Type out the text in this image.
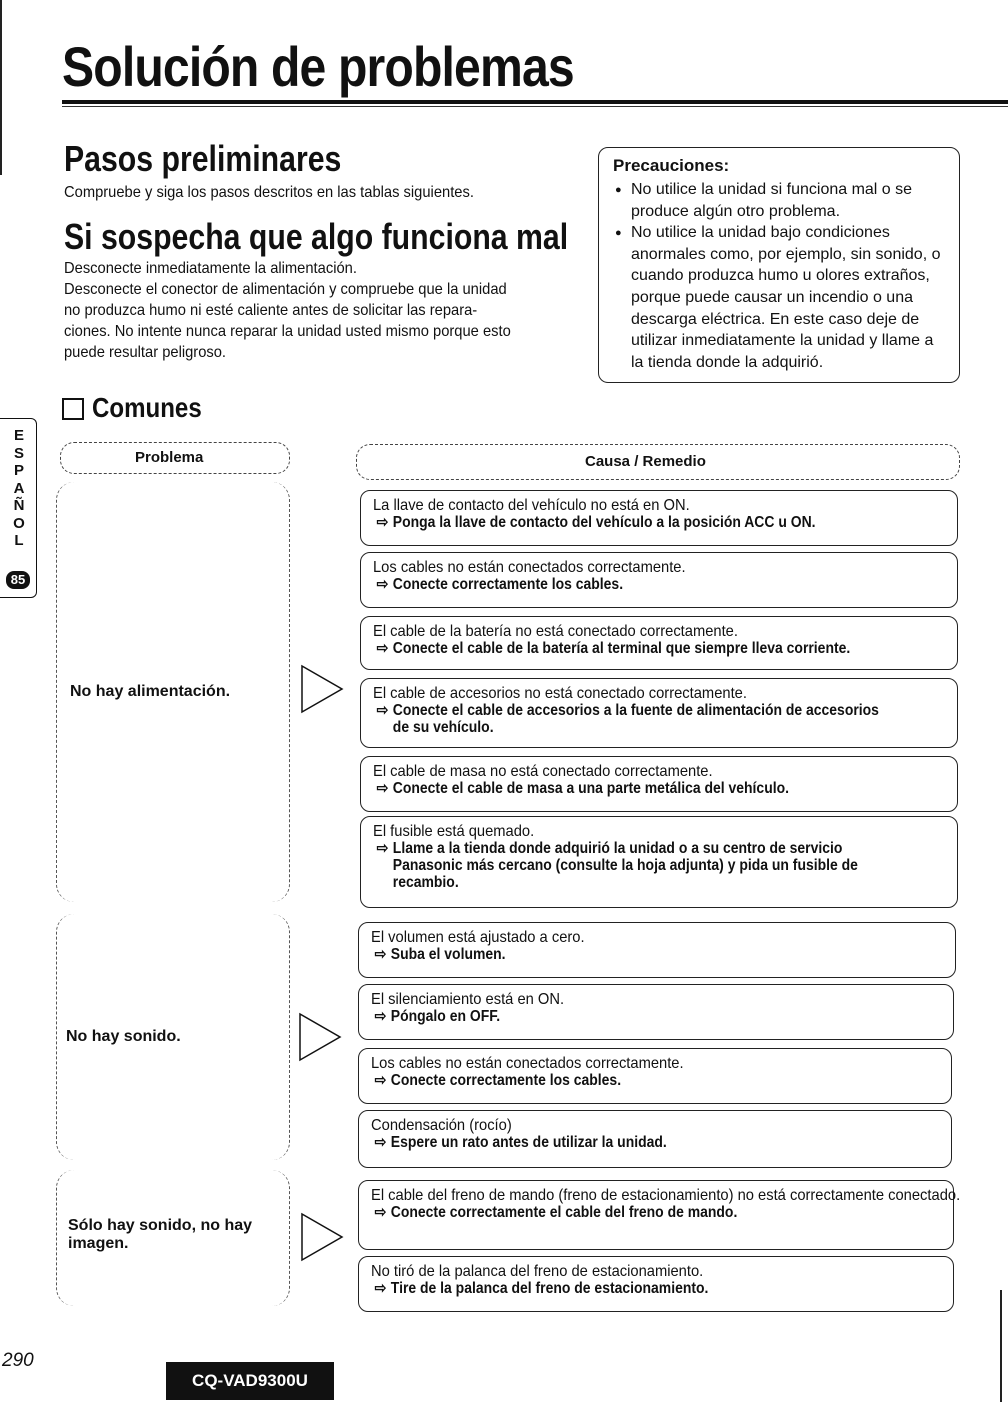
Solución de problemas
Pasos preliminares
Compruebe y siga los pasos descritos en las tablas siguientes.
Si sospecha que algo funciona mal
Desconecte inmediatamente la alimentación.
Desconecte el conector de alimentación y compruebe que la unidad
no produzca humo ni esté caliente antes de solicitar las repara-
ciones. No intente nunca reparar la unidad usted mismo porque esto
puede resultar peligroso.
Precauciones:
● No utilice la unidad si funciona mal o se produce algún otro problema.
● No utilice la unidad bajo condiciones anormales como, por ejemplo, sin sonido, o cuando produzca humo u olores extraños, porque puede causar un incendio o una descarga eléctrica. En este caso deje de utilizar inmediatamente la unidad y llame a la tienda donde la adquirió.
E
S
P
A
Ñ
O
L
85
Comunes
Problema	Causa / Remedio
No hay alimentación.
No hay sonido.
Sólo hay sonido, no hay imagen.
La llave de contacto del vehículo no está en ON.
⇨ Ponga la llave de contacto del vehículo a la posición ACC u ON.
Los cables no están conectados correctamente.
⇨ Conecte correctamente los cables.
El cable de la batería no está conectado correctamente.
⇨ Conecte el cable de la batería al terminal que siempre lleva corriente.
El cable de accesorios no está conectado correctamente.
⇨ Conecte el cable de accesorios a la fuente de alimentación de accesorios de su vehículo.
El cable de masa no está conectado correctamente.
⇨ Conecte el cable de masa a una parte metálica del vehículo.
El fusible está quemado.
⇨ Llame a la tienda donde adquirió la unidad o a su centro de servicio Panasonic más cercano (consulte la hoja adjunta) y pida un fusible de recambio.
El volumen está ajustado a cero.
⇨ Suba el volumen.
El silenciamiento está en ON.
⇨ Póngalo en OFF.
Los cables no están conectados correctamente.
⇨ Conecte correctamente los cables.
Condensación (rocío)
⇨ Espere un rato antes de utilizar la unidad.
El cable del freno de mando (freno de estacionamiento) no está correctamente conectado.
⇨ Conecte correctamente el cable del freno de mando.
No tiró de la palanca del freno de estacionamiento.
⇨ Tire de la palanca del freno de estacionamiento.
290
CQ-VAD9300U
